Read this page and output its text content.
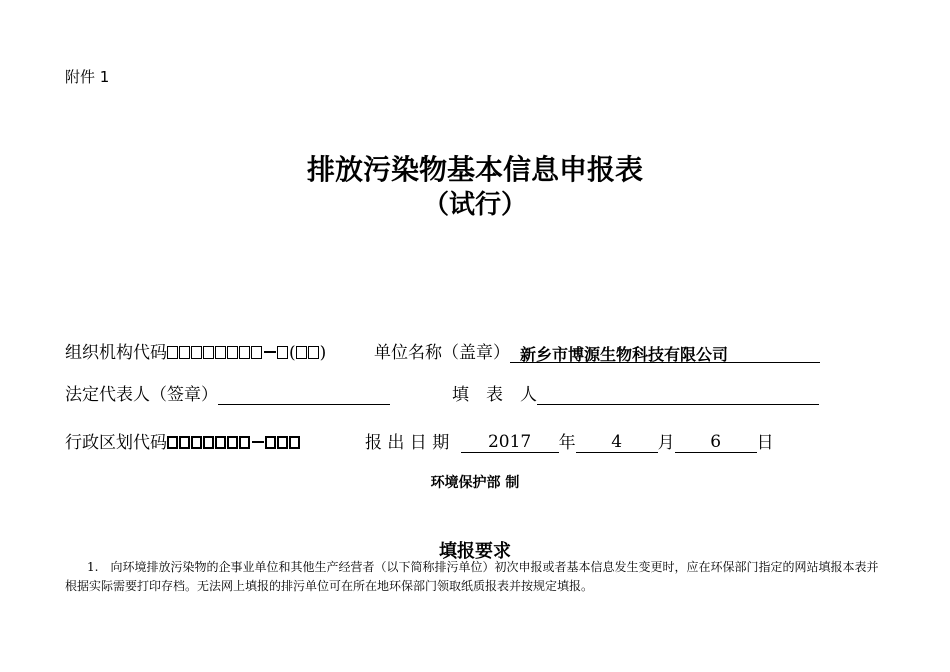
附件 1
排放污染物基本信息申报表
（试行）
组织机构代码	( )	单位名称（盖章） 新乡市博源生物科技有限公司
法定代表人（签章）	填　表　人
行政区划代码	报 出 日 期 2017 年 4 月 6 日
环境保护部 制
填报要求
1.　向环境排放污染物的企事业单位和其他生产经营者（以下简称排污单位）初次申报或者基本信息发生变更时，应在环保部门指定的网站填报本表并根据实际需要打印存档。无法网上填报的排污单位可在所在地环保部门领取纸质报表并按规定填报。
